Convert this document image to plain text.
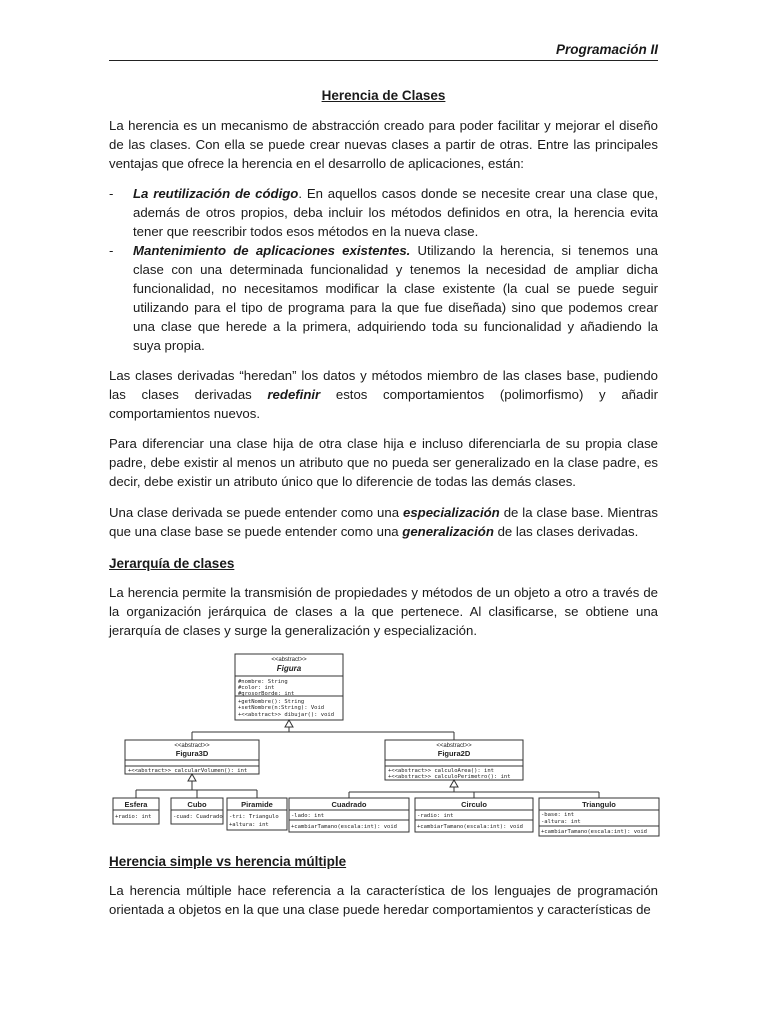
Programación II
Herencia de Clases

La herencia es un mecanismo de abstracción creado para poder facilitar y mejorar el diseño de las clases. Con ella se puede crear nuevas clases a partir de otras. Entre las principales ventajas que ofrece la herencia en el desarrollo de aplicaciones, están:

- La reutilización de código. En aquellos casos donde se necesite crear una clase que, además de otros propios, deba incluir los métodos definidos en otra, la herencia evita tener que reescribir todos esos métodos en la nueva clase.
- Mantenimiento de aplicaciones existentes. Utilizando la herencia, si tenemos una clase con una determinada funcionalidad y tenemos la necesidad de ampliar dicha funcionalidad, no necesitamos modificar la clase existente (la cual se puede seguir utilizando para el tipo de programa para la que fue diseñada) sino que podemos crear una clase que herede a la primera, adquiriendo toda su funcionalidad y añadiendo la suya propia.

Las clases derivadas “heredan” los datos y métodos miembro de las clases base, pudiendo las clases derivadas redefinir estos comportamientos (polimorfismo) y añadir comportamientos nuevos.

Para diferenciar una clase hija de otra clase hija e incluso diferenciarla de su propia clase padre, debe existir al menos un atributo que no pueda ser generalizado en la clase padre, es decir, debe existir un atributo único que lo diferencie de todas las demás clases.

Una clase derivada se puede entender como una especialización de la clase base. Mientras que una clase base se puede entender como una generalización de las clases derivadas.

Jerarquía de clases

La herencia permite la transmisión de propiedades y métodos de un objeto a otro a través de la organización jerárquica de clases a la que pertenece. Al clasificarse, se obtiene una jerarquía de clases y surge la generalización y especialización.

<<abstract>>
Figura
#nombre: String
#color: int
#grosorBorde: int
+getNombre(): String
+setNombre(n:String): Void
+<<abstract>> dibujar(): void
<<abstract>>
Figura3D
+<<abstract>> calcularVolumen(): int
<<abstract>>
Figura2D
+<<abstract>> calculoArea(): int
+<<abstract>> calculoPerimetro(): int
Esfera
+radio: int
Cubo
-cuad: Cuadrado
Piramide
-tri: Triangulo
+altura: int
Cuadrado
-lado: int
+cambiarTamano(escala:int): void
Circulo
-radio: int
+cambiarTamano(escala:int): void
Triangulo
-base: int
-altura: int
+cambiarTamano(escala:int): void
Herencia simple vs herencia múltiple

La herencia múltiple hace referencia a la característica de los lenguajes de programación orientada a objetos en la que una clase puede heredar comportamientos y características de
